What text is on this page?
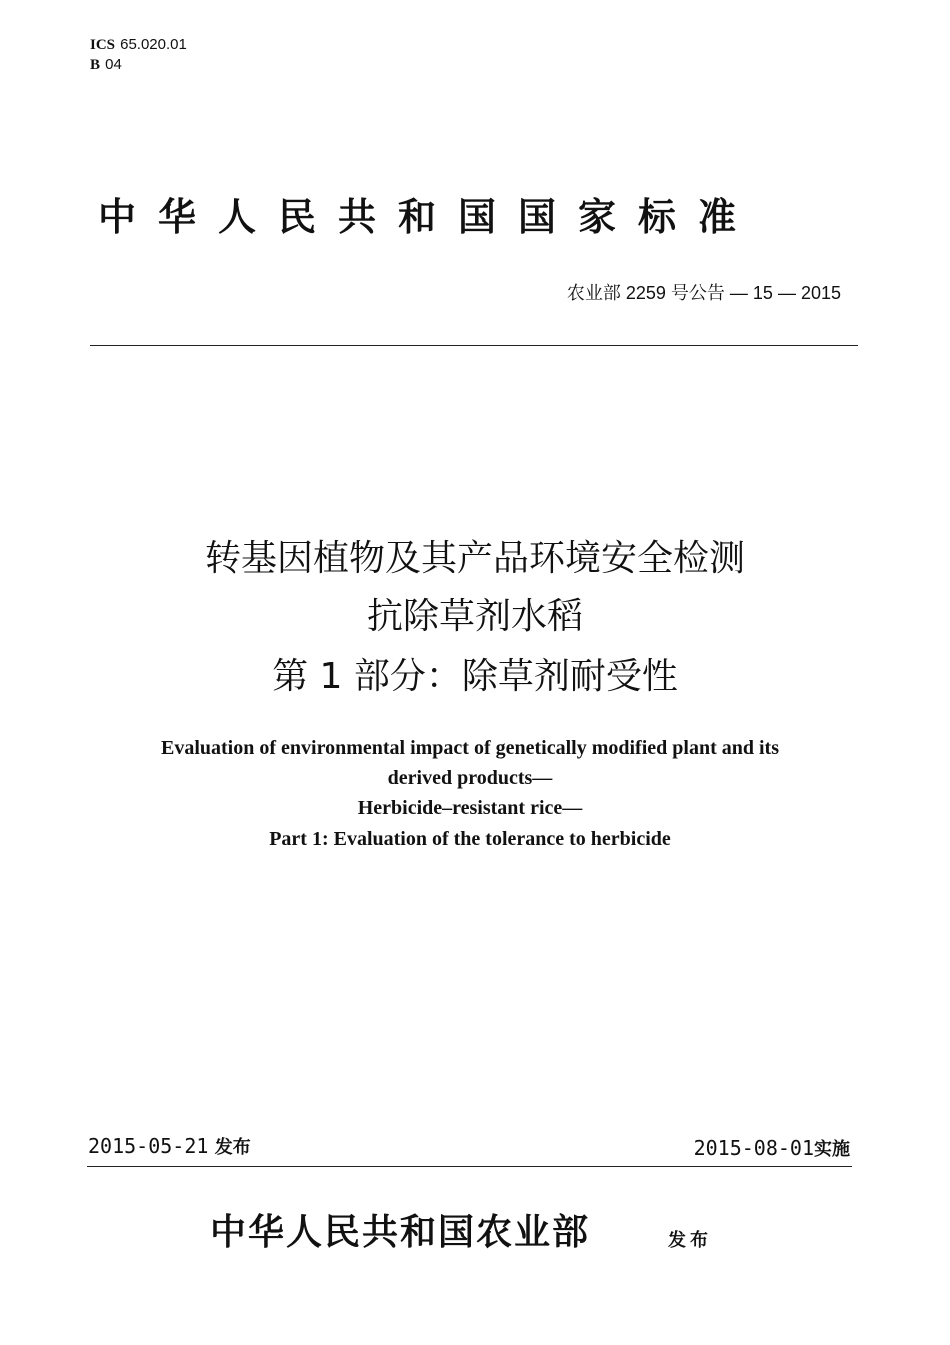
ICS 65.020.01
B 04
中华人民共和国国家标准
农业部 2259 号公告 — 15 — 2015
转基因植物及其产品环境安全检测
抗除草剂水稻
第 1 部分：除草剂耐受性
Evaluation of environmental impact of genetically modified plant and its
derived products—
Herbicide–resistant rice—
Part 1: Evaluation of the tolerance to herbicide
2015-05-21 发布	2015-08-01实施
中华人民共和国农业部	发布
